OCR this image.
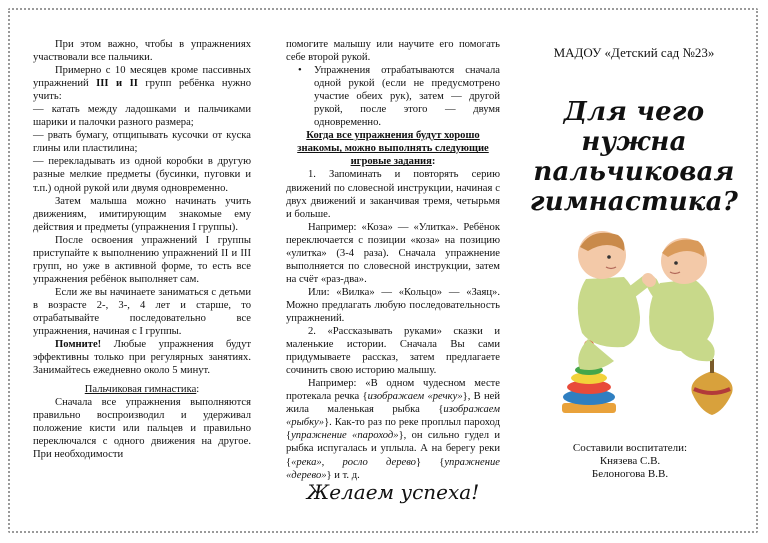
При этом важно, чтобы в упражнениях участвовали все пальчики.

Примерно с 10 месяцев кроме пассивных упражнений III и II групп ребёнка нужно учить:

— катать между ладошками и пальчиками шарики и палочки разного размера;

— рвать бумагу, отщипывать кусочки от куска глины или пластилина;

— перекладывать из одной коробки в другую разные мелкие предметы (бусинки, пуговки и т.п.) одной рукой или двумя одновременно.

Затем малыша можно начинать учить движениям, имитирующим знакомые ему действия и предметы (упражнения I группы).

После освоения упражнений I группы приступайте к выполнению упражнений II и III групп, но уже в активной форме, то есть все упражнения ребёнок выполняет сам.

Если же вы начинаете заниматься с детьми в возрасте 2-, 3-, 4 лет и старше, то отрабатывайте последовательно все упражнения, начиная с I группы.

Помните! Любые упражнения будут эффективны только при регулярных занятиях. Занимайтесь ежедневно около 5 минут.

Пальчиковая гимнастика:

Сначала все упражнения выполняются правильно воспроизводил и удерживал положение кисти или пальцев и правильно переключался с одного движения на другое. При необходимости

помогите малышу или научите его помогать себе второй рукой.

• Упражнения отрабатываются сначала одной рукой (если не предусмотрено участие обеих рук), затем — другой рукой, после этого — двумя одновременно.

Когда все упражнения будут хорошо знакомы, можно выполнять следующие игровые задания:

1. Запоминать и повторять серию движений по словесной инструкции, начиная с двух движений и заканчивая тремя, четырьмя и больше.

Например: «Коза» — «Улитка». Ребёнок переключается с позиции «коза» на позицию «улитка» (3-4 раза). Сначала упражнение выполняется по словесной инструкции, затем на счёт «раз-два».

Или: «Вилка» — «Кольцо» — «Заяц». Можно предлагать любую последовательность упражнений.

2. «Рассказывать руками» сказки и маленькие истории. Сначала Вы сами придумываете рассказ, затем предлагаете сочинить свою историю малышу.

Например: «В одном чудесном месте протекала речка {изображаем «речку»}, В ней жила маленькая рыбка {изображаем «рыбку»}. Как-то раз по реке проплыл пароход {упражнение «пароход»}, он сильно гудел и рыбка испугалась и уплыла. А на берегу реки {«река», росло дерево} {упражнение «дерево»} и т. д.

Желаем успеха!

МАДОУ «Детский сад №23»

Для чего нужна пальчиковая гимнастика?

Составили воспитатели:
Князева С.В.
Белоногова В.В.
